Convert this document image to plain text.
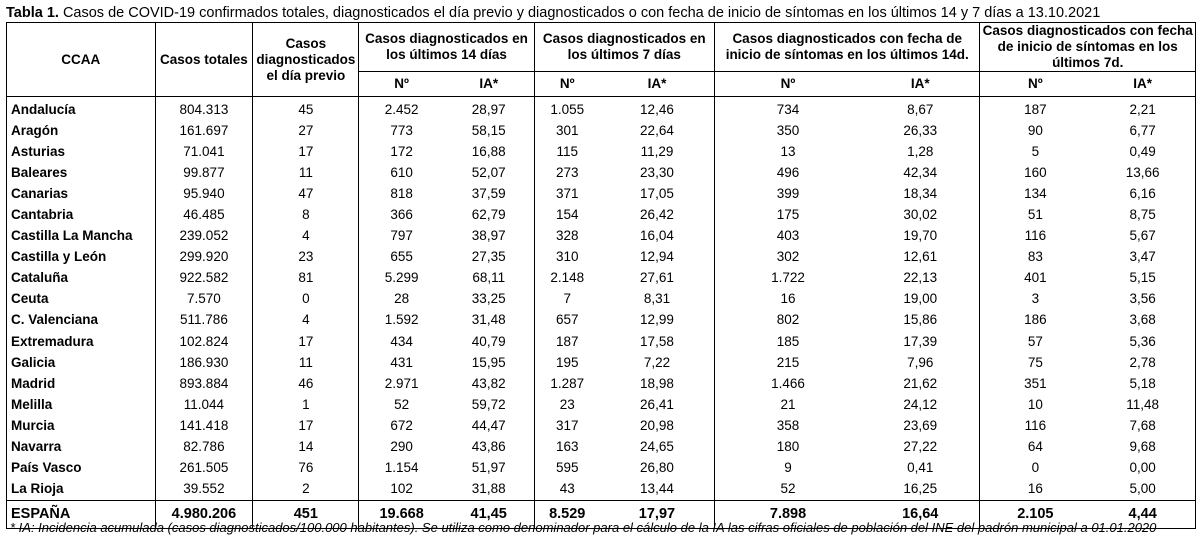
Tabla 1. Casos de COVID-19 confirmados totales, diagnosticados el día previo y diagnosticados o con fecha de inicio de síntomas en los últimos 14 y 7 días a 13.10.2021
CCAA	Casos totales	Casos diagnosticados el día previo	Casos diagnosticados en los últimos 14 días		Casos diagnosticados en los últimos 7 días		Casos diagnosticados con fecha de inicio de síntomas en los últimos 14d.		Casos diagnosticados con fecha de inicio de síntomas en los últimos 7d.	
			Nº	IA*	Nº	IA*	Nº	IA*	Nº	IA*
Andalucía	804.313	45	2.452	28,97	1.055	12,46	734	8,67	187	2,21
Aragón	161.697	27	773	58,15	301	22,64	350	26,33	90	6,77
Asturias	71.041	17	172	16,88	115	11,29	13	1,28	5	0,49
Baleares	99.877	11	610	52,07	273	23,30	496	42,34	160	13,66
Canarias	95.940	47	818	37,59	371	17,05	399	18,34	134	6,16
Cantabria	46.485	8	366	62,79	154	26,42	175	30,02	51	8,75
Castilla La Mancha	239.052	4	797	38,97	328	16,04	403	19,70	116	5,67
Castilla y León	299.920	23	655	27,35	310	12,94	302	12,61	83	3,47
Cataluña	922.582	81	5.299	68,11	2.148	27,61	1.722	22,13	401	5,15
Ceuta	7.570	0	28	33,25	7	8,31	16	19,00	3	3,56
C. Valenciana	511.786	4	1.592	31,48	657	12,99	802	15,86	186	3,68
Extremadura	102.824	17	434	40,79	187	17,58	185	17,39	57	5,36
Galicia	186.930	11	431	15,95	195	7,22	215	7,96	75	2,78
Madrid	893.884	46	2.971	43,82	1.287	18,98	1.466	21,62	351	5,18
Melilla	11.044	1	52	59,72	23	26,41	21	24,12	10	11,48
Murcia	141.418	17	672	44,47	317	20,98	358	23,69	116	7,68
Navarra	82.786	14	290	43,86	163	24,65	180	27,22	64	9,68
País Vasco	261.505	76	1.154	51,97	595	26,80	9	0,41	0	0,00
La Rioja	39.552	2	102	31,88	43	13,44	52	16,25	16	5,00
ESPAÑA	4.980.206	451	19.668	41,45	8.529	17,97	7.898	16,64	2.105	4,44
* IA: Incidencia acumulada (casos diagnosticados/100.000 habitantes). Se utiliza como denominador para el cálculo de la IA las cifras oficiales de población del INE del padrón municipal a 01.01.2020
